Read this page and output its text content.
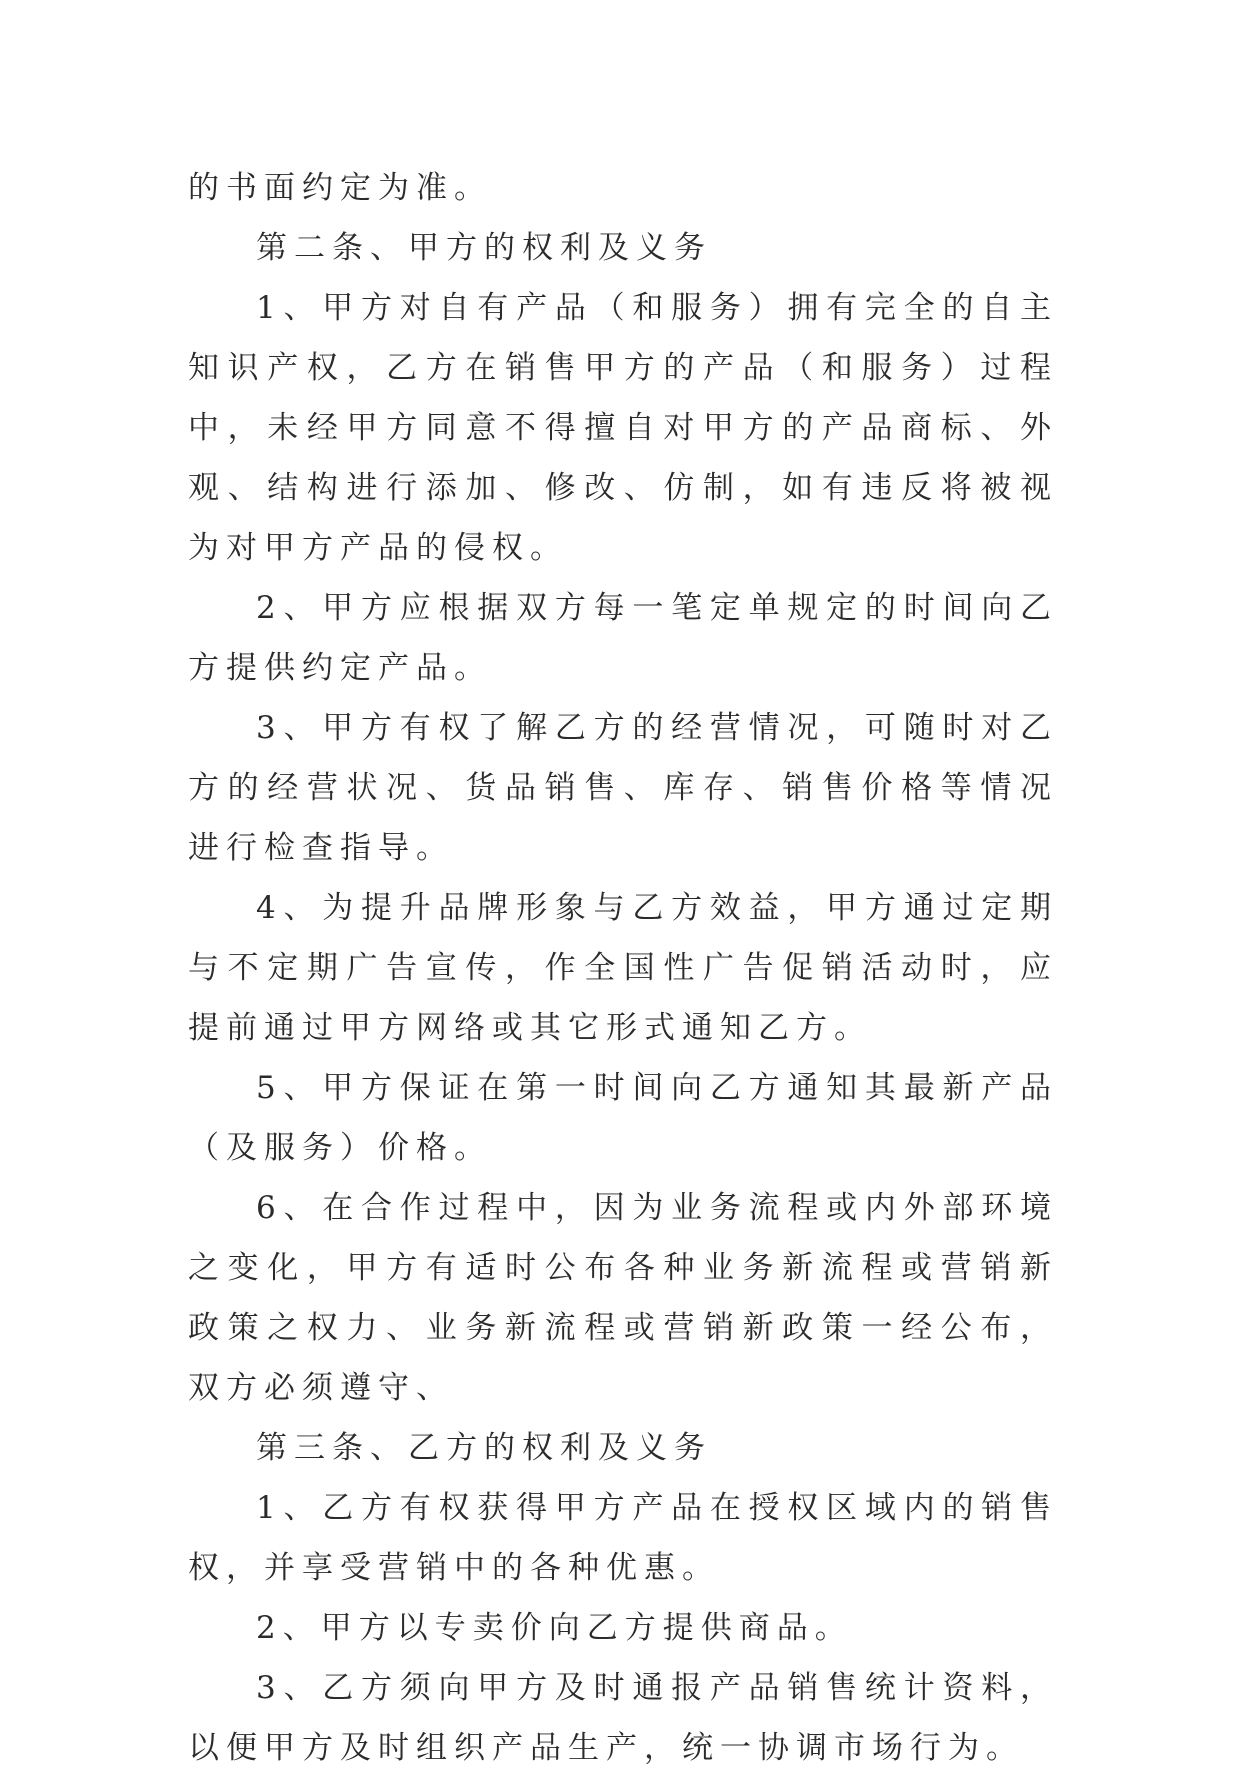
的书面约定为准。

第二条、甲方的权利及义务

1、甲方对自有产品（和服务）拥有完全的自主知识产权，乙方在销售甲方的产品（和服务）过程中，未经甲方同意不得擅自对甲方的产品商标、外观、结构进行添加、修改、仿制，如有违反将被视为对甲方产品的侵权。

2、甲方应根据双方每一笔定单规定的时间向乙方提供约定产品。

3、甲方有权了解乙方的经营情况，可随时对乙方的经营状况、货品销售、库存、销售价格等情况进行检查指导。

4、为提升品牌形象与乙方效益，甲方通过定期与不定期广告宣传，作全国性广告促销活动时，应提前通过甲方网络或其它形式通知乙方。

5、甲方保证在第一时间向乙方通知其最新产品（及服务）价格。

6、在合作过程中，因为业务流程或内外部环境之变化，甲方有适时公布各种业务新流程或营销新政策之权力、业务新流程或营销新政策一经公布，双方必须遵守、

第三条、乙方的权利及义务

1、乙方有权获得甲方产品在授权区域内的销售权，并享受营销中的各种优惠。

2、甲方以专卖价向乙方提供商品。

3、乙方须向甲方及时通报产品销售统计资料，以便甲方及时组织产品生产，统一协调市场行为。
